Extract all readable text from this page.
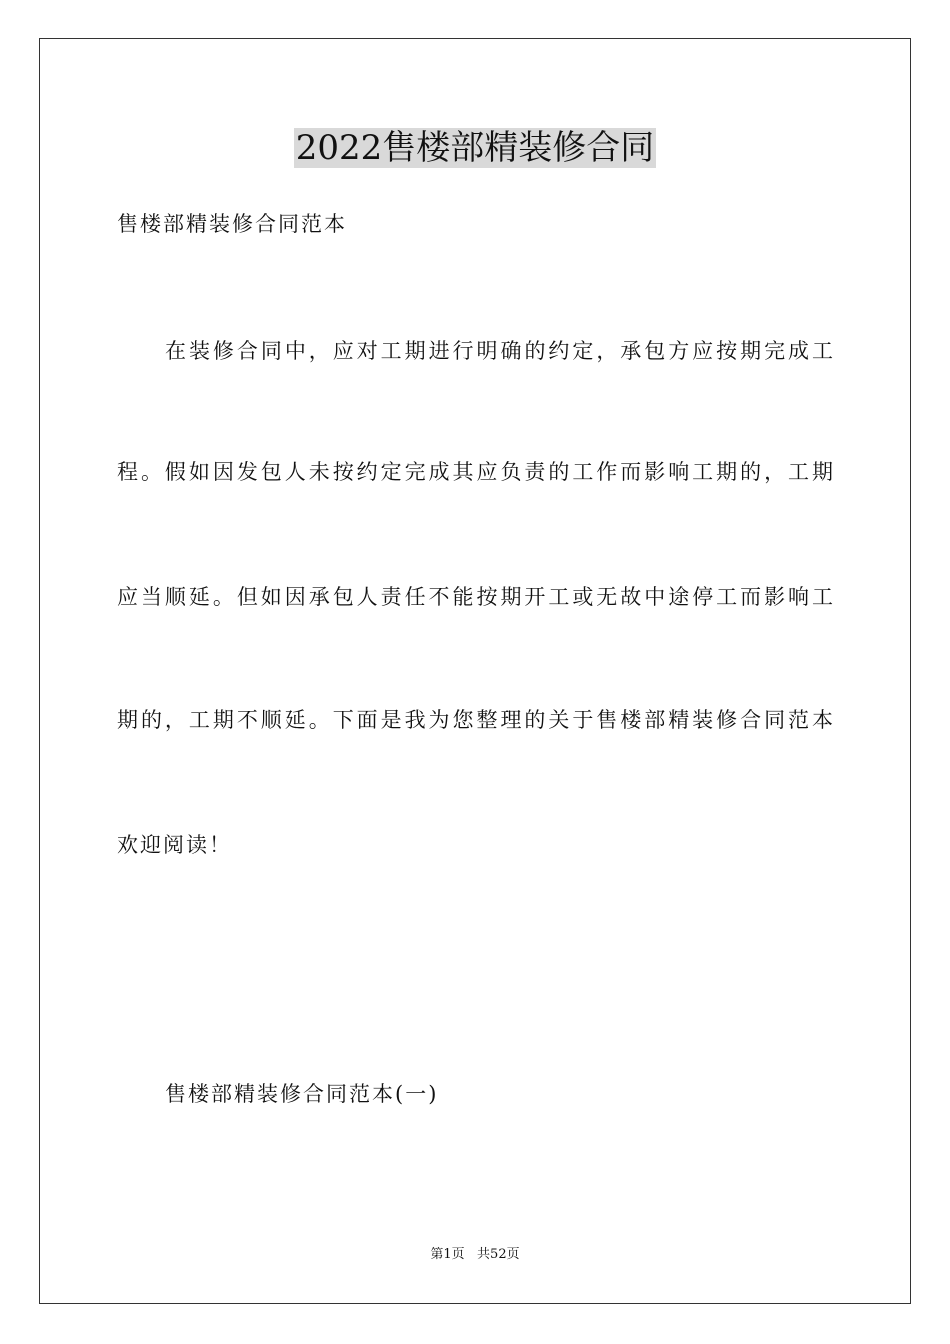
2022售楼部精装修合同

售楼部精装修合同范本

在装修合同中，应对工期进行明确的约定，承包方应按期完成工

程。假如因发包人未按约定完成其应负责的工作而影响工期的，工期

应当顺延。但如因承包人责任不能按期开工或无故中途停工而影响工

期的，工期不顺延。下面是我为您整理的关于售楼部精装修合同范本

欢迎阅读！

售楼部精装修合同范本(一)

第1页   共52页
